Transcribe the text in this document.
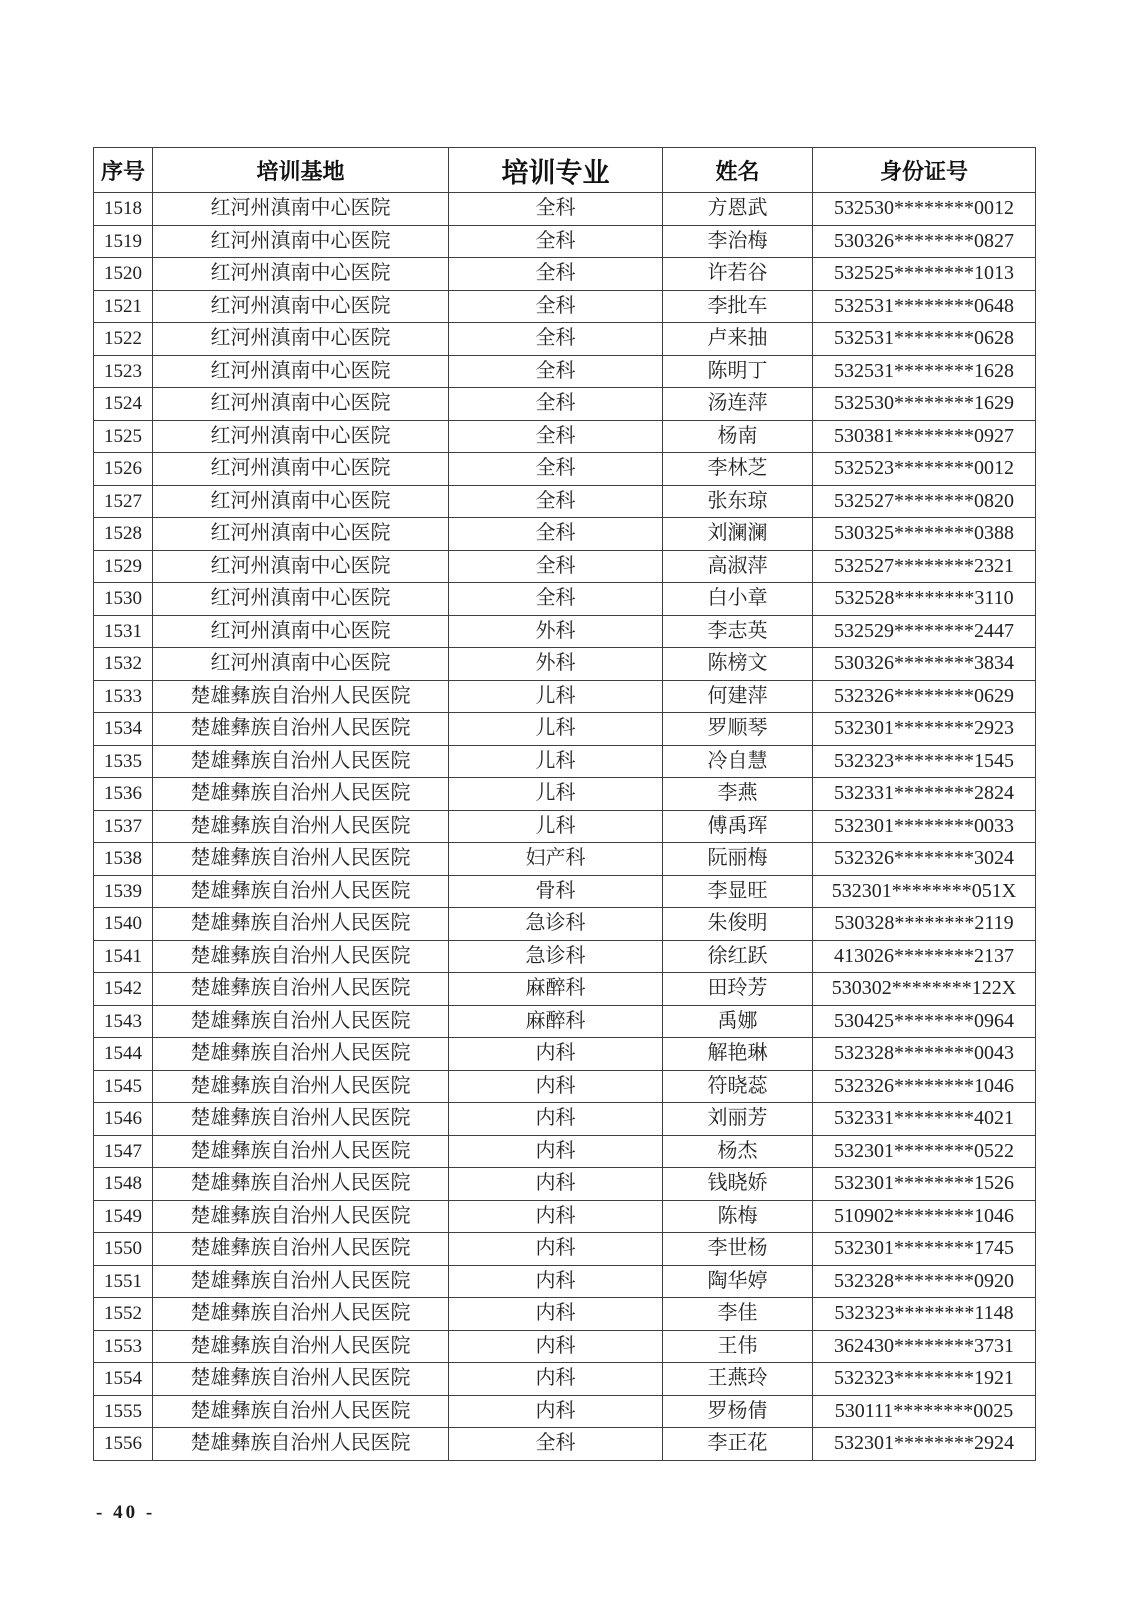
序号	培训基地	培训专业	姓名	身份证号
1518	红河州滇南中心医院	全科	方恩武	532530********0012
1519	红河州滇南中心医院	全科	李治梅	530326********0827
1520	红河州滇南中心医院	全科	许若谷	532525********1013
1521	红河州滇南中心医院	全科	李批车	532531********0648
1522	红河州滇南中心医院	全科	卢来抽	532531********0628
1523	红河州滇南中心医院	全科	陈明丁	532531********1628
1524	红河州滇南中心医院	全科	汤连萍	532530********1629
1525	红河州滇南中心医院	全科	杨南	530381********0927
1526	红河州滇南中心医院	全科	李林芝	532523********0012
1527	红河州滇南中心医院	全科	张东琼	532527********0820
1528	红河州滇南中心医院	全科	刘澜澜	530325********0388
1529	红河州滇南中心医院	全科	高淑萍	532527********2321
1530	红河州滇南中心医院	全科	白小章	532528********3110
1531	红河州滇南中心医院	外科	李志英	532529********2447
1532	红河州滇南中心医院	外科	陈榜文	530326********3834
1533	楚雄彝族自治州人民医院	儿科	何建萍	532326********0629
1534	楚雄彝族自治州人民医院	儿科	罗顺琴	532301********2923
1535	楚雄彝族自治州人民医院	儿科	冷自慧	532323********1545
1536	楚雄彝族自治州人民医院	儿科	李燕	532331********2824
1537	楚雄彝族自治州人民医院	儿科	傅禹珲	532301********0033
1538	楚雄彝族自治州人民医院	妇产科	阮丽梅	532326********3024
1539	楚雄彝族自治州人民医院	骨科	李显旺	532301********051X
1540	楚雄彝族自治州人民医院	急诊科	朱俊明	530328********2119
1541	楚雄彝族自治州人民医院	急诊科	徐红跃	413026********2137
1542	楚雄彝族自治州人民医院	麻醉科	田玲芳	530302********122X
1543	楚雄彝族自治州人民医院	麻醉科	禹娜	530425********0964
1544	楚雄彝族自治州人民医院	内科	解艳琳	532328********0043
1545	楚雄彝族自治州人民医院	内科	符晓蕊	532326********1046
1546	楚雄彝族自治州人民医院	内科	刘丽芳	532331********4021
1547	楚雄彝族自治州人民医院	内科	杨杰	532301********0522
1548	楚雄彝族自治州人民医院	内科	钱晓娇	532301********1526
1549	楚雄彝族自治州人民医院	内科	陈梅	510902********1046
1550	楚雄彝族自治州人民医院	内科	李世杨	532301********1745
1551	楚雄彝族自治州人民医院	内科	陶华婷	532328********0920
1552	楚雄彝族自治州人民医院	内科	李佳	532323********1148
1553	楚雄彝族自治州人民医院	内科	王伟	362430********3731
1554	楚雄彝族自治州人民医院	内科	王燕玲	532323********1921
1555	楚雄彝族自治州人民医院	内科	罗杨倩	530111********0025
1556	楚雄彝族自治州人民医院	全科	李正花	532301********2924
- 40 -
